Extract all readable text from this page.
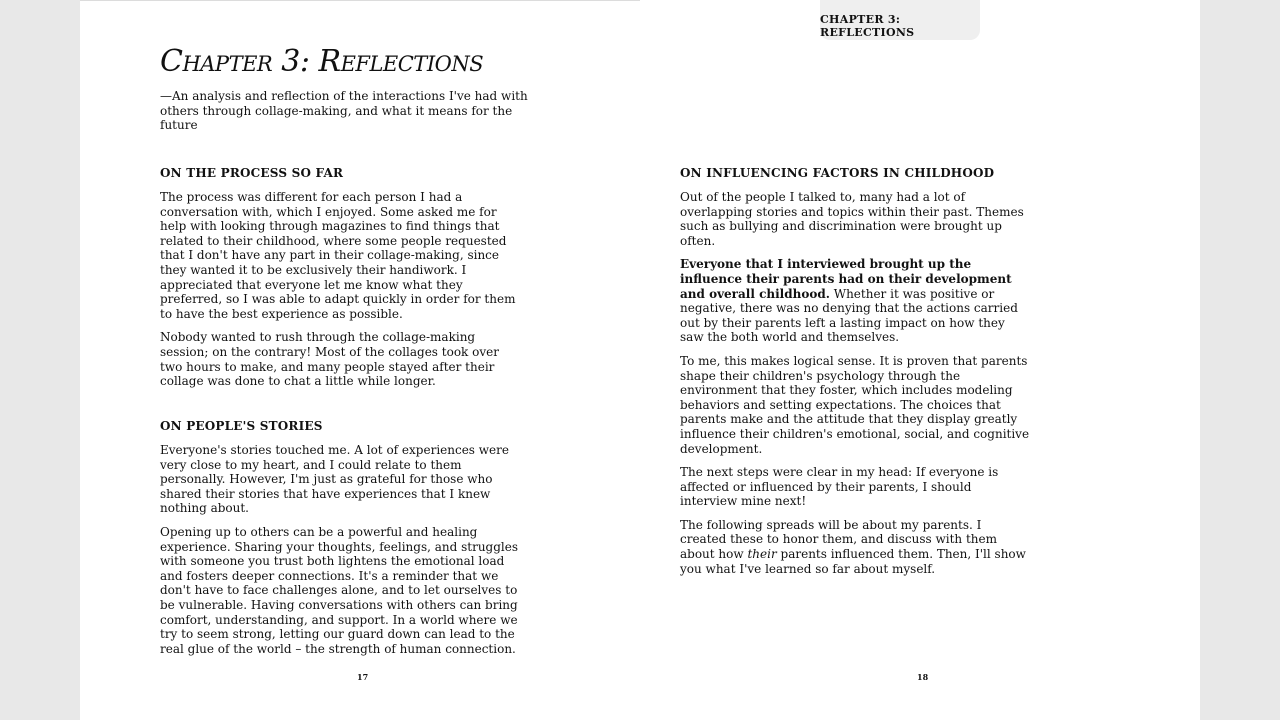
CHAPTER 3: REFLECTIONS
Chapter 3: Reflections

—An analysis and reflection of the interactions I've had with others through collage-making, and what it means for the future

ON THE PROCESS SO FAR

The process was different for each person I had a conversation with, which I enjoyed. Some asked me for help with looking through magazines to find things that related to their childhood, where some people requested that I don't have any part in their collage-making, since they wanted it to be exclusively their handiwork. I appreciated that everyone let me know what they preferred, so I was able to adapt quickly in order for them to have the best experience as possible.

Nobody wanted to rush through the collage-making session; on the contrary! Most of the collages took over two hours to make, and many people stayed after their collage was done to chat a little while longer.

ON PEOPLE'S STORIES

Everyone's stories touched me. A lot of experiences were very close to my heart, and I could relate to them personally. However, I'm just as grateful for those who shared their stories that have experiences that I knew nothing about.

Opening up to others can be a powerful and healing experience. Sharing your thoughts, feelings, and struggles with someone you trust both lightens the emotional load and fosters deeper connections. It's a reminder that we don't have to face challenges alone, and to let ourselves to be vulnerable. Having conversations with others can bring comfort, understanding, and support. In a world where we try to seem strong, letting our guard down can lead to the real glue of the world – the strength of human connection.

ON INFLUENCING FACTORS IN CHILDHOOD

Out of the people I talked to, many had a lot of overlapping stories and topics within their past. Themes such as bullying and discrimination were brought up often.

Everyone that I interviewed brought up the influence their parents had on their development and overall childhood. Whether it was positive or negative, there was no denying that the actions carried out by their parents left a lasting impact on how they saw the both world and themselves.

To me, this makes logical sense. It is proven that parents shape their children's psychology through the environment that they foster, which includes modeling behaviors and setting expectations. The choices that parents make and the attitude that they display greatly influence their children's emotional, social, and cognitive development.

The next steps were clear in my head: If everyone is affected or influenced by their parents, I should interview mine next!

The following spreads will be about my parents. I created these to honor them, and discuss with them about how their parents influenced them. Then, I'll show you what I've learned so far about myself.

17	18
